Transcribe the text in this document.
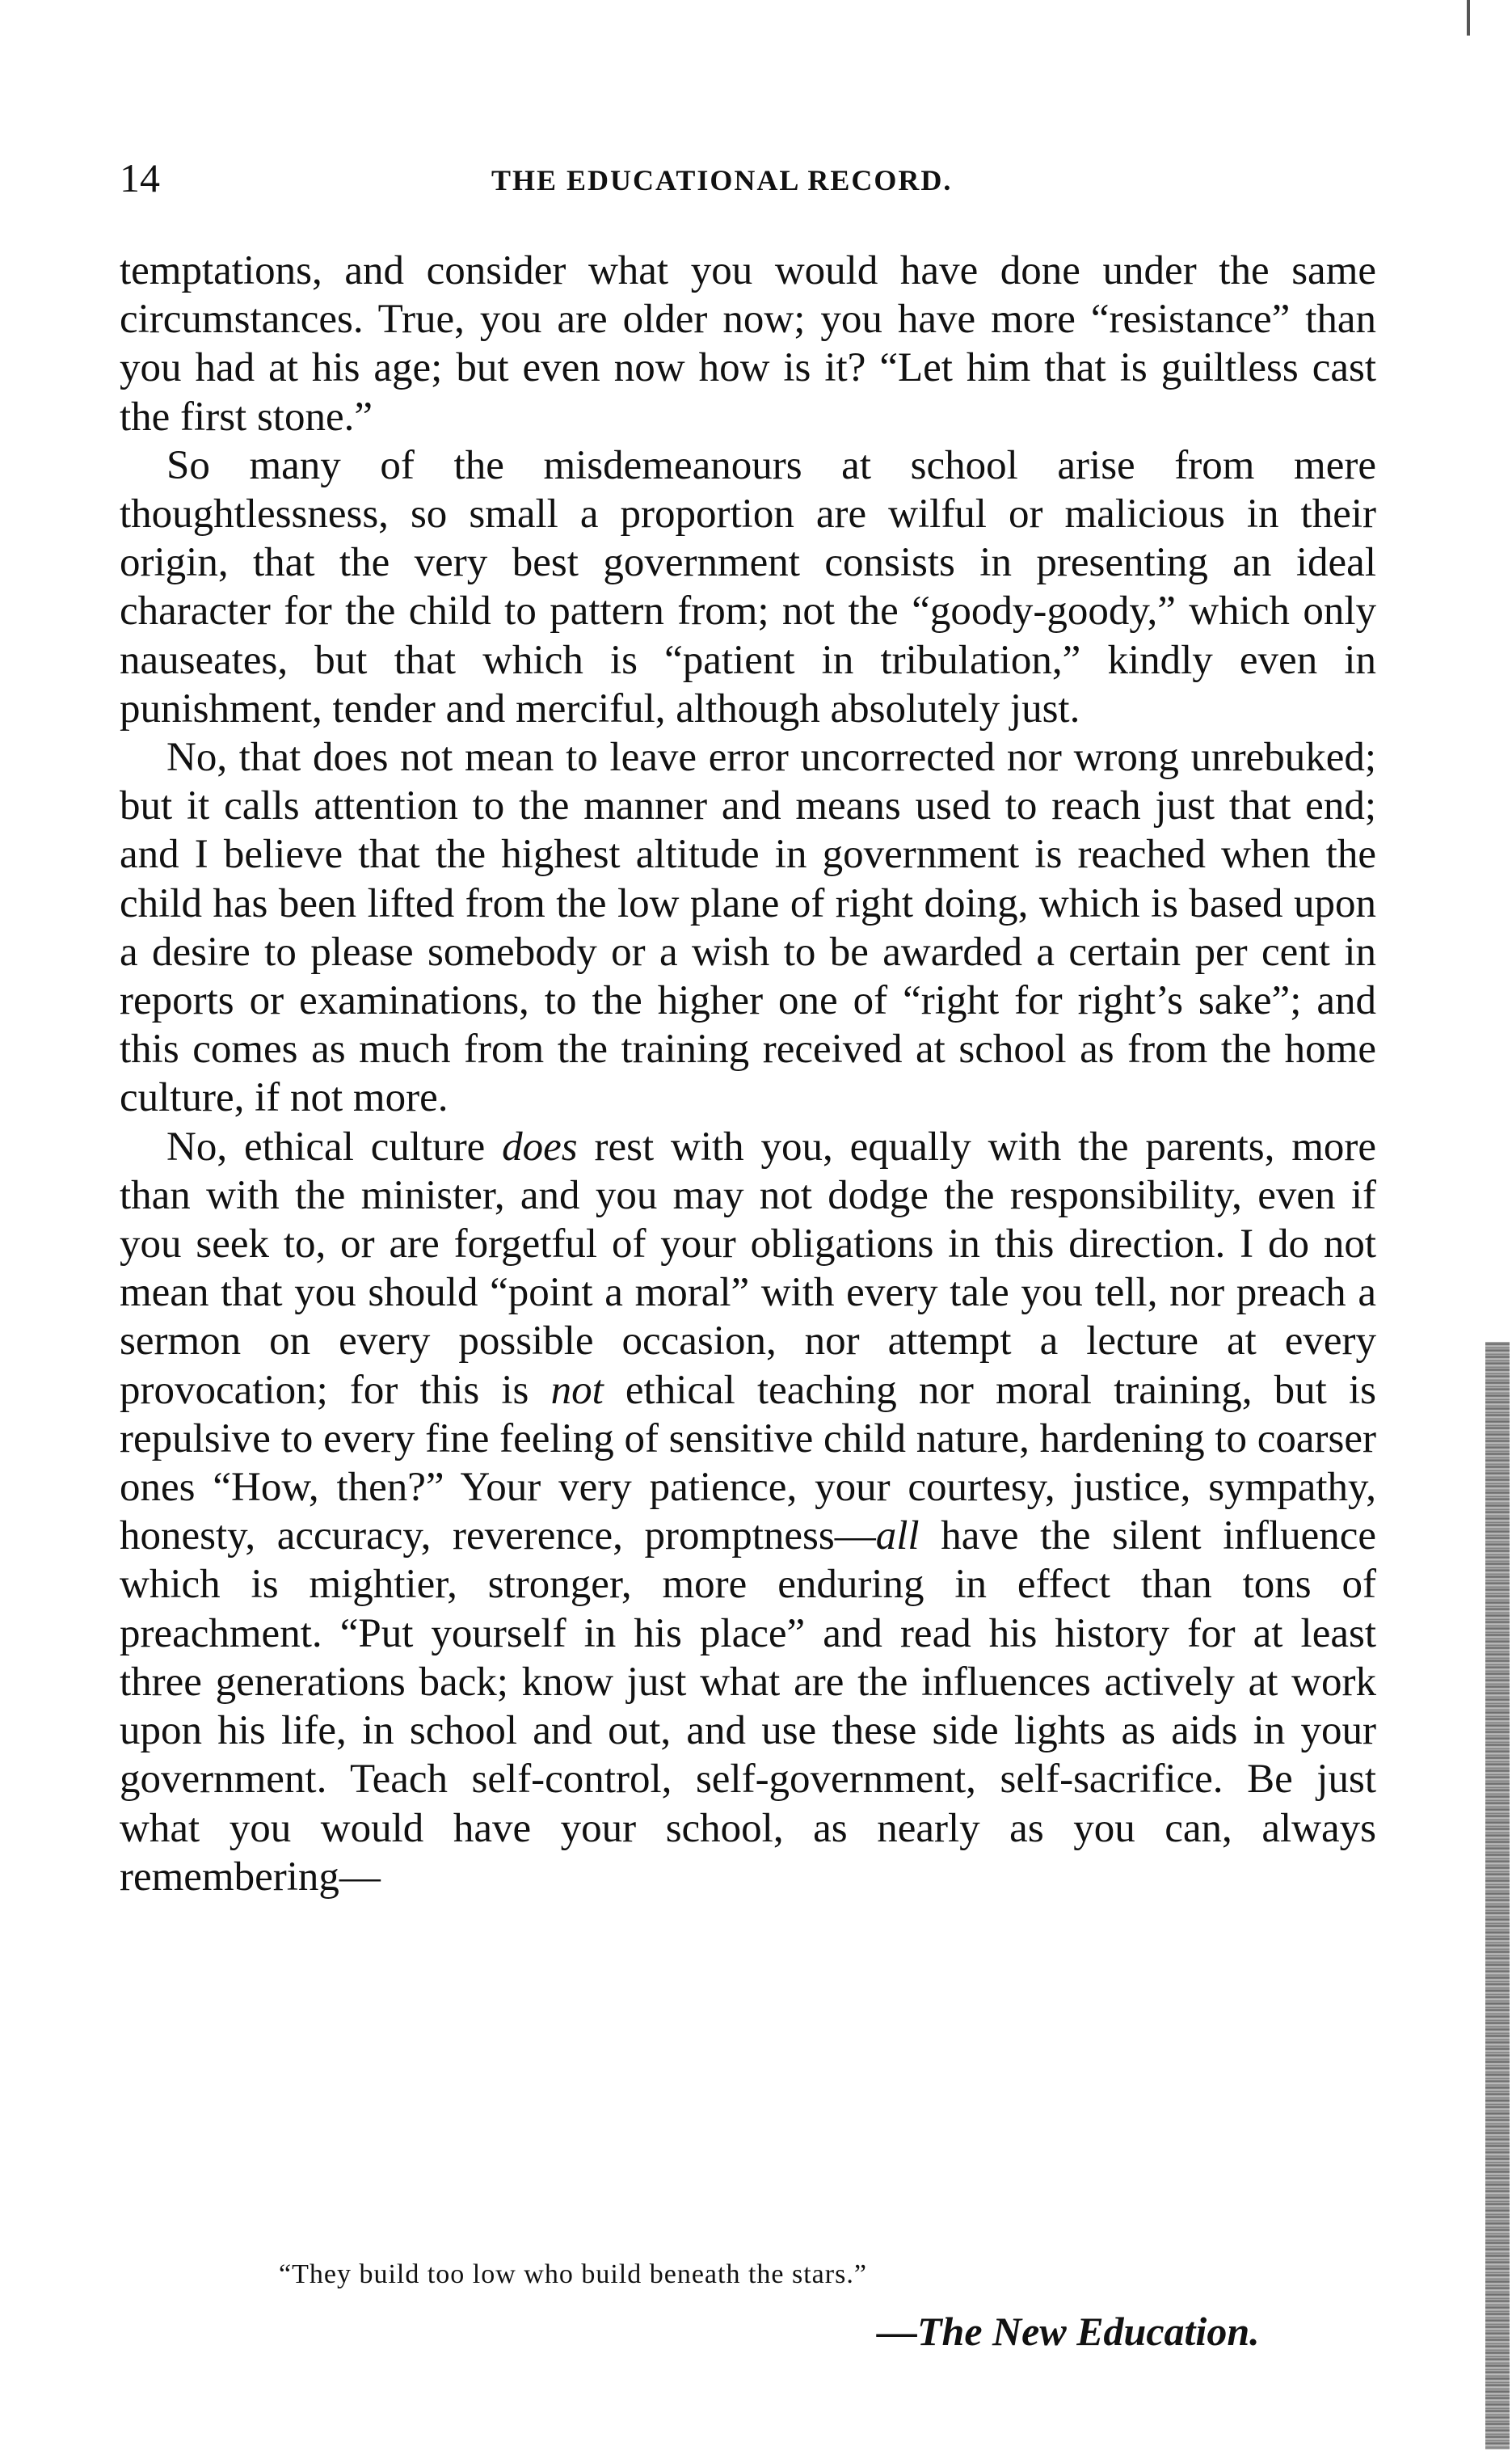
14	THE EDUCATIONAL RECORD.

temptations, and consider what you would have done under the same circumstances. True, you are older now; you have more “resistance” than you had at his age; but even now how is it? “Let him that is guiltless cast the first stone.”

So many of the misdemeanours at school arise from mere thoughtlessness, so small a proportion are wilful or malicious in their origin, that the very best government consists in presenting an ideal character for the child to pattern from; not the “goody-goody,” which only nauseates, but that which is “patient in tribulation,” kindly even in punishment, tender and merciful, although absolutely just.

No, that does not mean to leave error uncorrected nor wrong unrebuked; but it calls attention to the manner and means used to reach just that end; and I believe that the highest altitude in government is reached when the child has been lifted from the low plane of right doing, which is based upon a desire to please somebody or a wish to be awarded a certain per cent in reports or examinations, to the higher one of “right for right’s sake”; and this comes as much from the training received at school as from the home culture, if not more.

No, ethical culture does rest with you, equally with the parents, more than with the minister, and you may not dodge the responsibility, even if you seek to, or are forgetful of your obligations in this direction. I do not mean that you should “point a moral” with every tale you tell, nor preach a sermon on every possible occasion, nor attempt a lecture at every provocation; for this is not ethical teaching nor moral training, but is repulsive to every fine feeling of sensitive child nature, hardening to coarser ones “How, then?” Your very patience, your courtesy, justice, sympathy, honesty, accuracy, reverence, promptness—all have the silent influence which is mightier, stronger, more enduring in effect than tons of preachment. “Put yourself in his place” and read his history for at least three generations back; know just what are the influences actively at work upon his life, in school and out, and use these side lights as aids in your government. Teach self-control, self-government, self-sacrifice. Be just what you would have your school, as nearly as you can, always remembering—

“They build too low who build beneath the stars.”
—The New Education.
